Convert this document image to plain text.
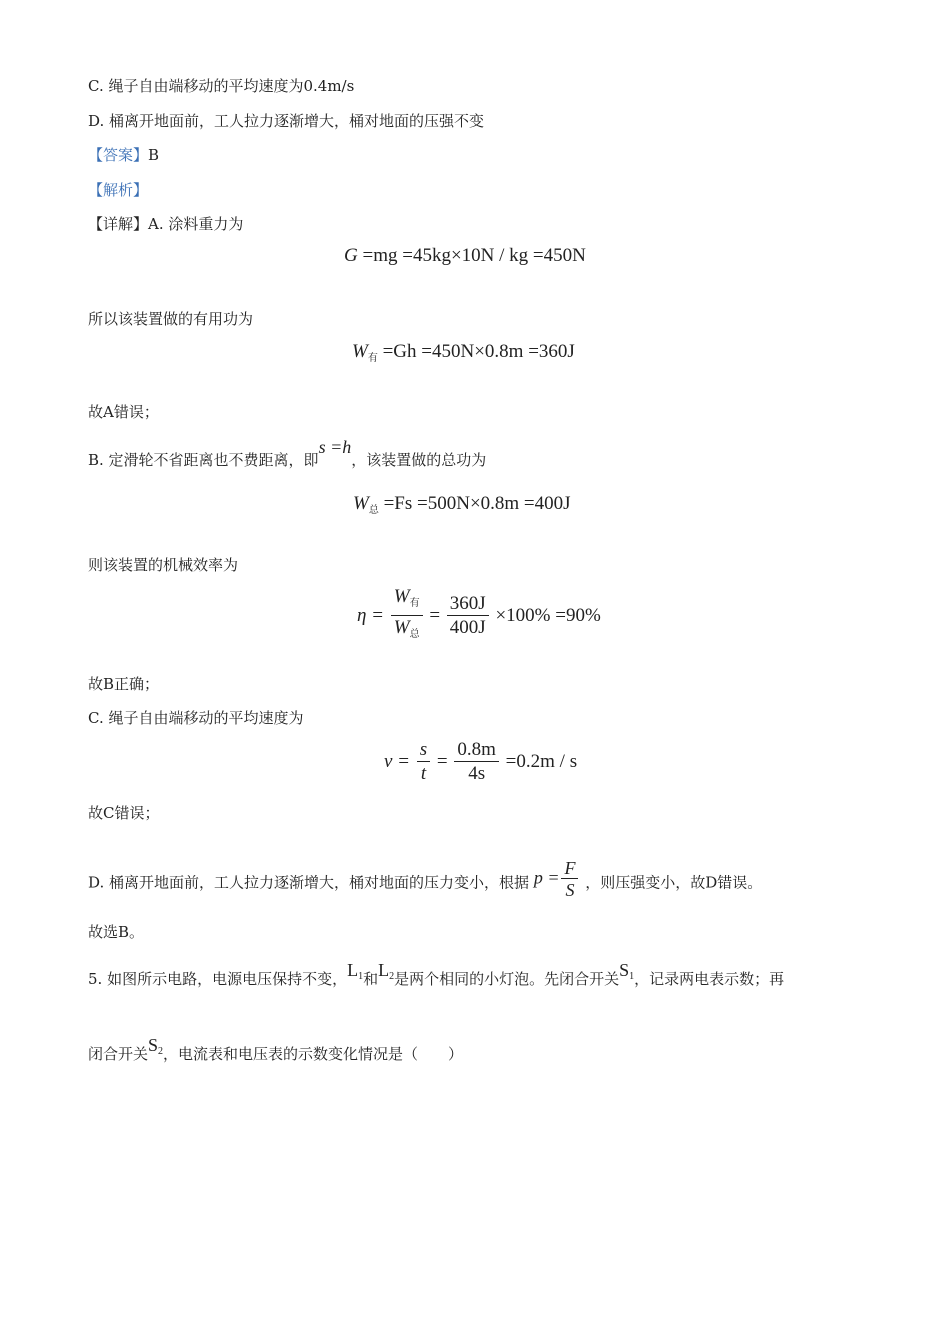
C. 绳子自由端移动的平均速度为0.4m/s
D. 桶离开地面前，工人拉力逐渐增大，桶对地面的压强不变
【答案】B
【解析】
【详解】A. 涂料重力为
G =mg =45kg×10N / kg =450N
所以该装置做的有用功为
$W_有 =Gh =450N\times 0.8m =360J$
故A错误；
B. 定滑轮不省距离也不费距离，即s =h，该装置做的总功为
$W_总 =Fs =500N\times 0.8m =400J$
则该装置的机械效率为
$\eta = \frac{W_有}{W_总} = \frac{360J}{400J} \times 100\% =90\%$
故B正确；
C. 绳子自由端移动的平均速度为
$v = \frac{s}{t} = \frac{0.8m}{4s} =0.2m / s$
故C错误；
D. 桶离开地面前，工人拉力逐渐增大，桶对地面的压力变小，根据 $p = \frac{F}{S}$ ，则压强变小，故D错误。
故选B。
5. 如图所示电路，电源电压保持不变，L1和L2是两个相同的小灯泡。先闭合开关S1，记录两电表示数；再
闭合开关S2，电流表和电压表的示数变化情况是（　　）
